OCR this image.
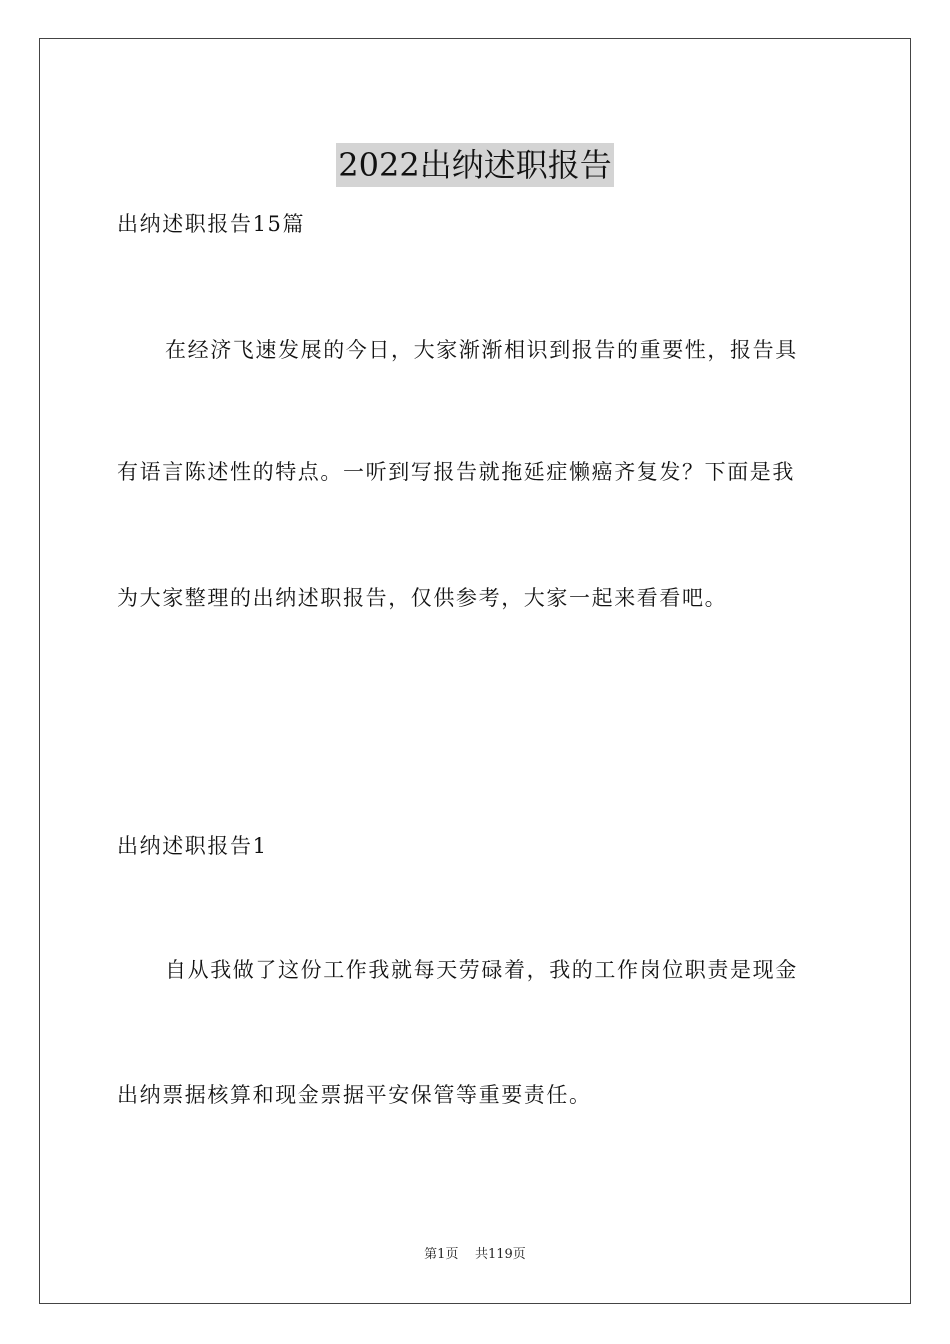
2022出纳述职报告
出纳述职报告15篇
在经济飞速发展的今日，大家渐渐相识到报告的重要性，报告具
有语言陈述性的特点。一听到写报告就拖延症懒癌齐复发？下面是我
为大家整理的出纳述职报告，仅供参考，大家一起来看看吧。
出纳述职报告1
自从我做了这份工作我就每天劳碌着，我的工作岗位职责是现金
出纳票据核算和现金票据平安保管等重要责任。
第1页 共119页
